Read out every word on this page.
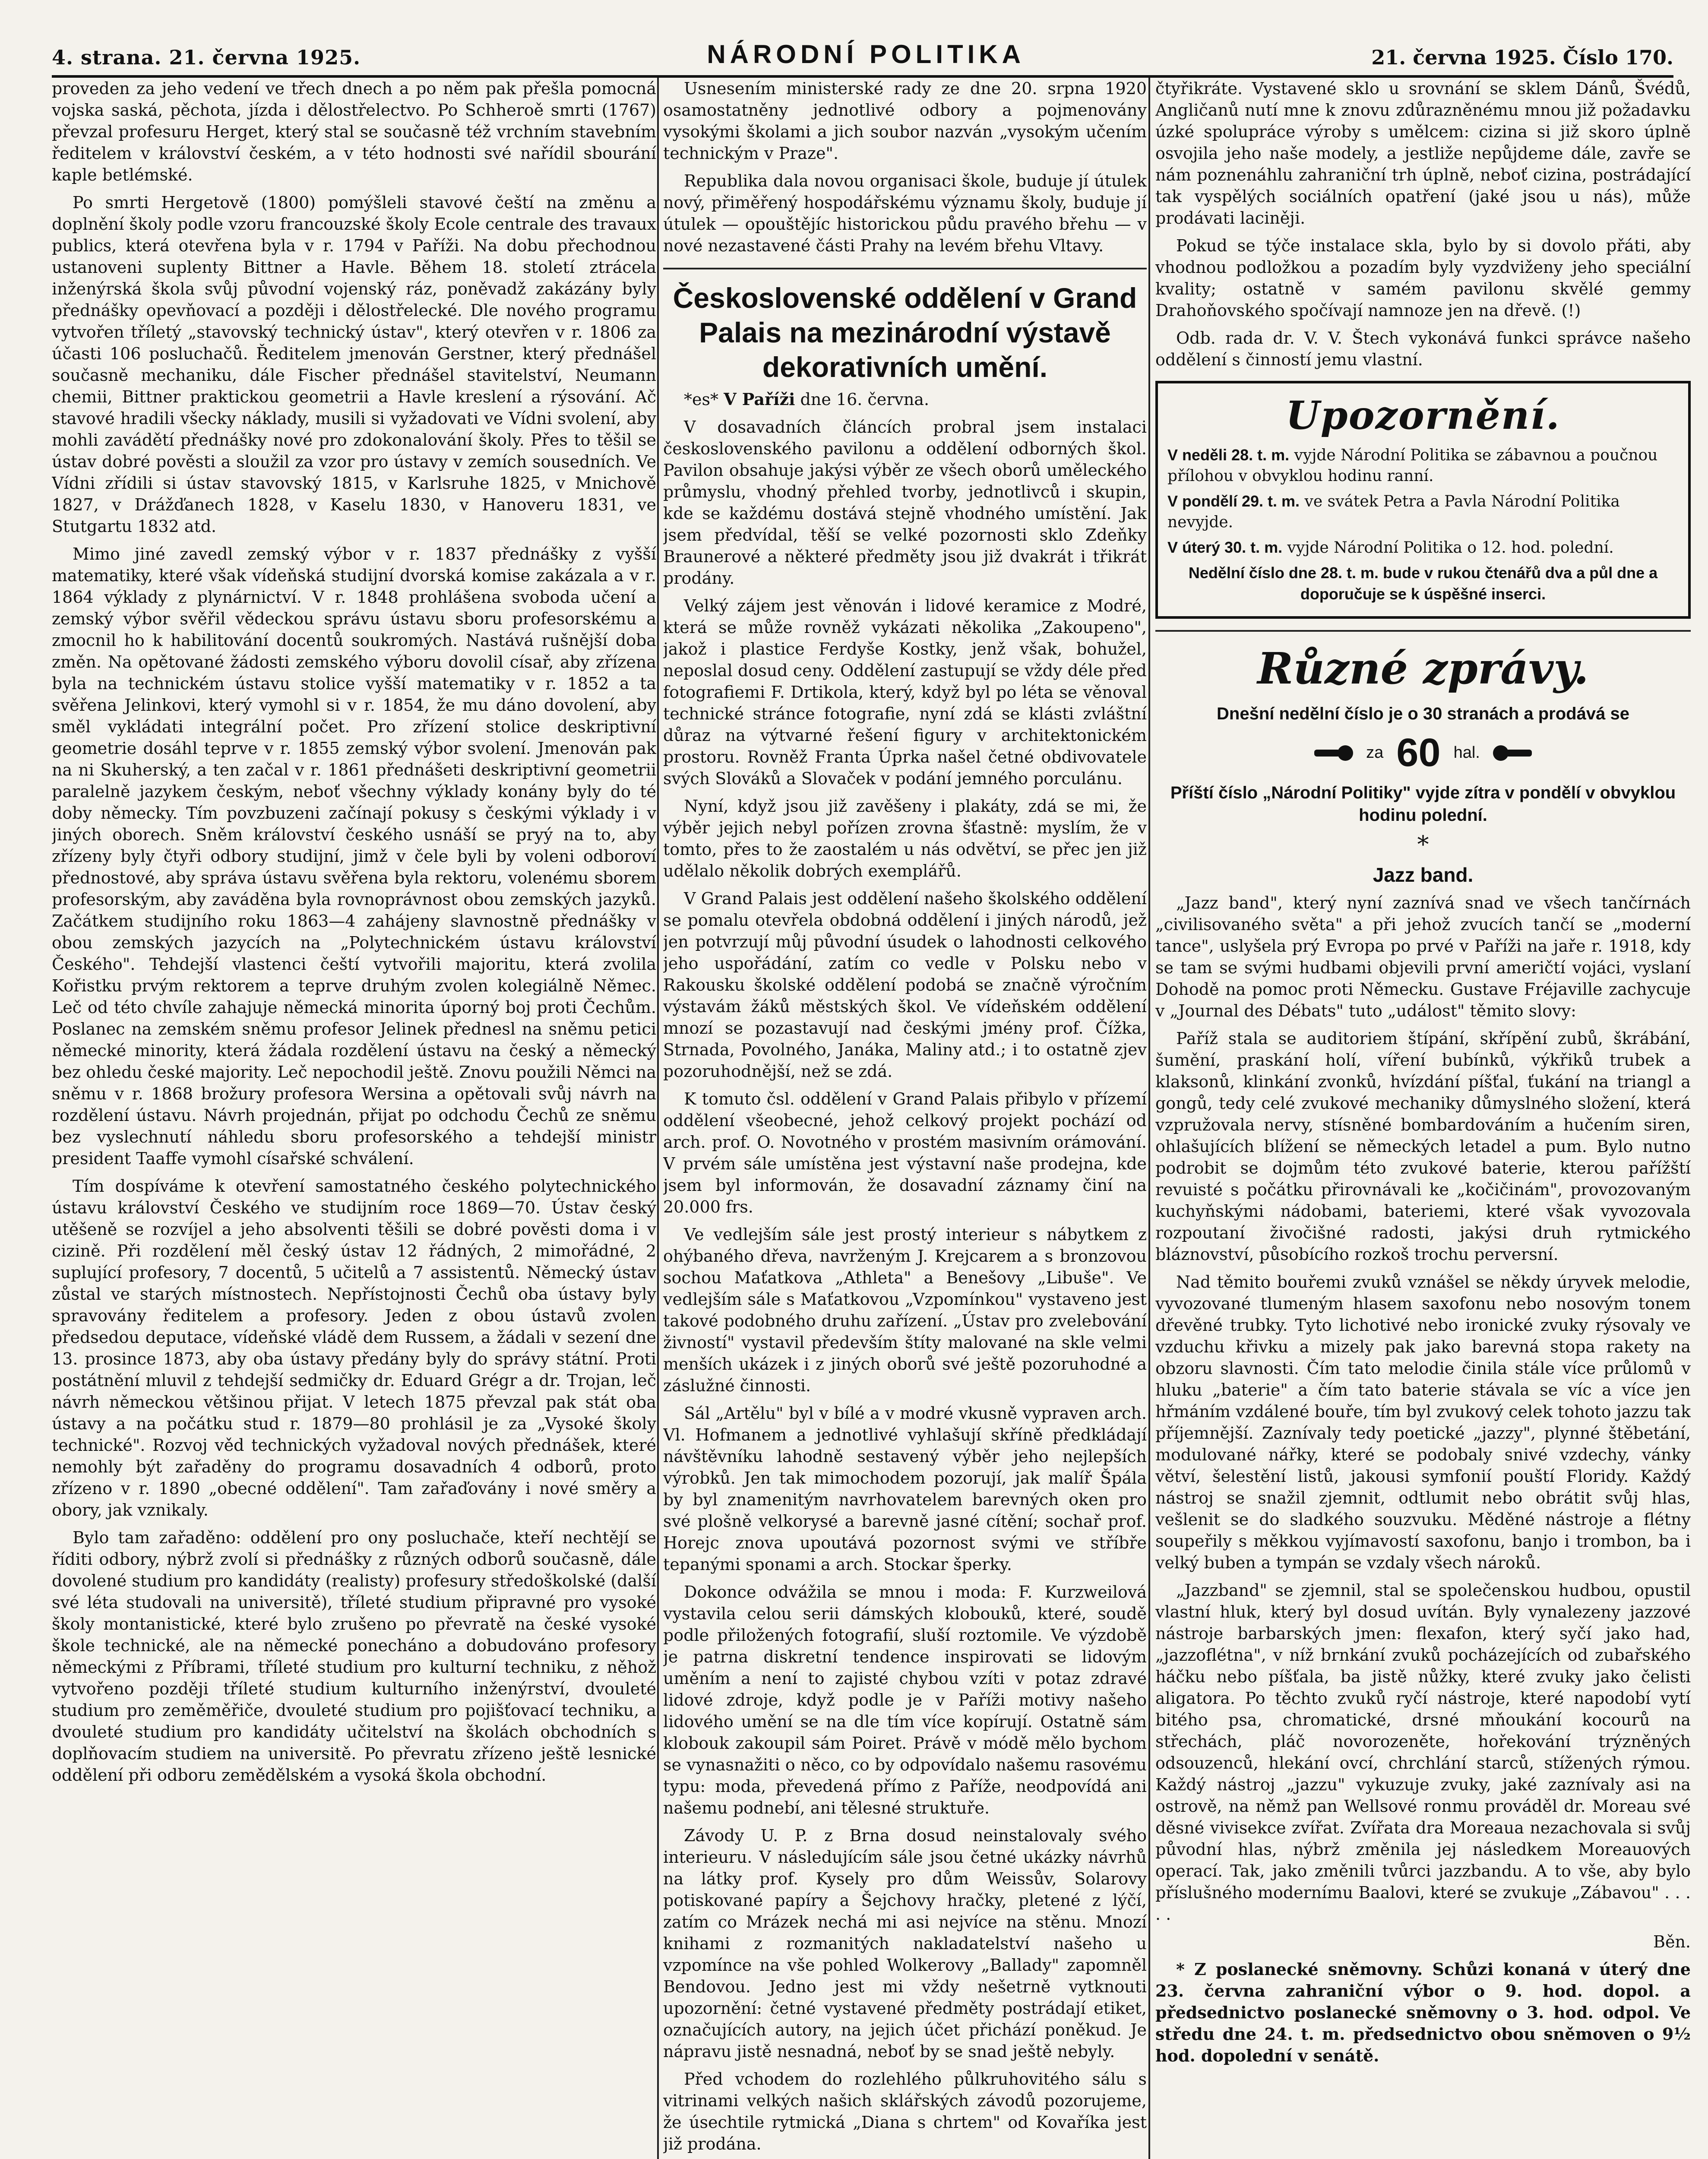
4. strana. 21. června 1925.	NÁRODNÍ POLITIKA	21. června 1925. Číslo 170.

proveden za jeho vedení ve třech dnech a po něm pak přešla pomocná vojska saská, pěchota, jízda i dělostřelectvo. Po Schheroě smrti (1767) převzal profesuru Herget, který stal se současně též vrchním stavebním ředitelem v království českém, a v této hodnosti své nařídil sbourání kaple betlémské.

Po smrti Hergetově (1800) pomýšleli stavové čeští na změnu a doplnění školy podle vzoru francouzské školy Ecole centrale des travaux publics, která otevřena byla v r. 1794 v Paříži. Na dobu přechodnou ustanoveni suplenty Bittner a Havle. Během 18. století ztrácela inženýrská škola svůj původní vojenský ráz, poněvadž zakázány byly přednášky opevňovací a později i dělostřelecké. Dle nového programu vytvořen tříletý „stavovský technický ústav", který otevřen v r. 1806 za účasti 106 posluchačů. Ředitelem jmenován Gerstner, který přednášel současně mechaniku, dále Fischer přednášel stavitelství, Neumann chemii, Bittner praktickou geometrii a Havle kreslení a rýsování. Ač stavové hradili všecky náklady, musili si vyžadovati ve Vídni svolení, aby mohli zavádětí přednášky nové pro zdokonalování školy. Přes to těšil se ústav dobré pověsti a sloužil za vzor pro ústavy v zemích sousedních. Ve Vídni zřídili si ústav stavovský 1815, v Karlsruhe 1825, v Mnichově 1827, v Drážďanech 1828, v Kaselu 1830, v Hanoveru 1831, ve Stutgartu 1832 atd.

Mimo jiné zavedl zemský výbor v r. 1837 přednášky z vyšší matematiky, které však vídeňská studijní dvorská komise zakázala a v r. 1864 výklady z plynárnictví. V r. 1848 prohlášena svoboda učení a zemský výbor svěřil vědeckou správu ústavu sboru profesorskému a zmocnil ho k habilitování docentů soukromých. Nastává rušnější doba změn. Na opětované žádosti zemského výboru dovolil císař, aby zřízena byla na technickém ústavu stolice vyšší matematiky v r. 1852 a ta svěřena Jelinkovi, který vymohl si v r. 1854, že mu dáno dovolení, aby směl vykládati integrální počet. Pro zřízení stolice deskriptivní geometrie dosáhl teprve v r. 1855 zemský výbor svolení. Jmenován pak na ni Skuherský, a ten začal v r. 1861 přednášeti deskriptivní geometrii paralelně jazykem českým, neboť všechny výklady konány byly do té doby německy. Tím povzbuzeni začínají pokusy s českými výklady i v jiných oborech. Sněm království českého usnáší se pryý na to, aby zřízeny byly čtyři odbory studijní, jimž v čele byli by voleni odboroví přednostové, aby správa ústavu svěřena byla rektoru, volenému sborem profesorským, aby zaváděna byla rovnoprávnost obou zemských jazyků. Začátkem studijního roku 1863—4 zahájeny slavnostně přednášky v obou zemských jazycích na „Polytechnickém ústavu království Českého". Tehdejší vlastenci čeští vytvořili majoritu, která zvolila Kořistku prvým rektorem a teprve druhým zvolen kolegiálně Němec. Leč od této chvíle zahajuje německá minorita úporný boj proti Čechům. Poslanec na zemském sněmu profesor Jelinek přednesl na sněmu petici německé minority, která žádala rozdělení ústavu na český a německý bez ohledu české majority. Leč nepochodil ještě. Znovu použili Němci na sněmu v r. 1868 brožury profesora Wersina a opětovali svůj návrh na rozdělení ústavu. Návrh projednán, přijat po odchodu Čechů ze sněmu bez vyslechnutí náhledu sboru profesorského a tehdejší ministr president Taaffe vymohl císařské schválení.

Tím dospíváme k otevření samostatného českého polytechnického ústavu království Českého ve studijním roce 1869—70. Ústav český utěšeně se rozvíjel a jeho absolventi těšili se dobré pověsti doma i v cizině. Při rozdělení měl český ústav 12 řádných, 2 mimořádné, 2 suplující profesory, 7 docentů, 5 učitelů a 7 assistentů. Německý ústav zůstal ve starých místnostech. Nepřístojnosti Čechů oba ústavy byly spravovány ředitelem a profesory. Jeden z obou ústavů zvolen předsedou deputace, vídeňské vládě dem Russem, a žádali v sezení dne 13. prosince 1873, aby oba ústavy předány byly do správy státní. Proti postátnění mluvil z tehdejší sedmičky dr. Eduard Grégr a dr. Trojan, leč návrh německou většinou přijat. V letech 1875 převzal pak stát oba ústavy a na počátku stud r. 1879—80 prohlásil je za „Vysoké školy technické". Rozvoj věd technických vyžadoval nových přednášek, které nemohly být zařaděny do programu dosavadních 4 odborů, proto zřízeno v r. 1890 „obecné oddělení". Tam zařaďovány i nové směry a obory, jak vznikaly.

Bylo tam zařaděno: oddělení pro ony posluchače, kteří nechtějí se říditi odbory, nýbrž zvolí si přednášky z různých odborů současně, dále dovolené studium pro kandidáty (realisty) profesury středoškolské (další své léta studovali na universitě), tříleté studium připravné pro vysoké školy montanistické, které bylo zrušeno po převratě na české vysoké škole technické, ale na německé ponecháno a dobudováno profesory německými z Příbrami, tříleté studium pro kulturní techniku, z něhož vytvořeno později tříleté studium kulturního inženýrství, dvouleté studium pro zeměměřiče, dvouleté studium pro pojišťovací techniku, a dvouleté studium pro kandidáty učitelství na školách obchodních s doplňovacím studiem na universitě. Po převratu zřízeno ještě lesnické oddělení při odboru zemědělském a vysoká škola obchodní.

Usnesením ministerské rady ze dne 20. srpna 1920 osamostatněny jednotlivé odbory a pojmenovány vysokými školami a jich soubor nazván „vysokým učením technickým v Praze".

Republika dala novou organisaci škole, buduje jí útulek nový, přiměřený hospodářskému významu školy, buduje jí útulek — opouštějíc historickou půdu pravého břehu — v nové nezastavené části Prahy na levém břehu Vltavy.

Československé oddělení v Grand Palais na mezinárodní výstavě dekorativních umění.

*es* V Paříži dne 16. června.

V dosavadních článcích probral jsem instalaci československého pavilonu a oddělení odborných škol. Pavilon obsahuje jakýsi výběr ze všech oborů uměleckého průmyslu, vhodný přehled tvorby, jednotlivců i skupin, kde se každému dostává stejně vhodného umístění. Jak jsem předvídal, těší se velké pozornosti sklo Zdeňky Braunerové a některé předměty jsou již dvakrát i třikrát prodány.

Velký zájem jest věnován i lidové keramice z Modré, která se může rovněž vykázati několika „Zakoupeno", jakož i plastice Ferdyše Kostky, jenž však, bohužel, neposlal dosud ceny. Oddělení zastupují se vždy déle před fotografiemi F. Drtikola, který, když byl po léta se věnoval technické stránce fotografie, nyní zdá se klásti zvláštní důraz na výtvarné řešení figury v architektonickém prostoru. Rovněž Franta Úprka našel četné obdivovatele svých Slováků a Slovaček v podání jemného porculánu.

Nyní, když jsou již zavěšeny i plakáty, zdá se mi, že výběr jejich nebyl pořízen zrovna šťastně: myslím, že v tomto, přes to že zaostalém u nás odvětví, se přec jen již udělalo několik dobrých exemplářů.

V Grand Palais jest oddělení našeho školského oddělení se pomalu otevřela obdobná oddělení i jiných národů, jež jen potvrzují můj původní úsudek o lahodnosti celkového jeho uspořádání, zatím co vedle v Polsku nebo v Rakousku školské oddělení podobá se značně výročním výstavám žáků městských škol. Ve vídeňském oddělení mnozí se pozastavují nad českými jmény prof. Čížka, Strnada, Povolného, Janáka, Maliny atd.; i to ostatně zjev pozoruhodnější, než se zdá.

K tomuto čsl. oddělení v Grand Palais přibylo v přízemí oddělení všeobecné, jehož celkový projekt pochází od arch. prof. O. Novotného v prostém masivním orámování. V prvém sále umístěna jest výstavní naše prodejna, kde jsem byl informován, že dosavadní záznamy činí na 20.000 frs.

Ve vedlejším sále jest prostý interieur s nábytkem z ohýbaného dřeva, navrženým J. Krejcarem a s bronzovou sochou Maťatkova „Athleta" a Benešovy „Libuše". Ve vedlejším sále s Maťatkovou „Vzpomínkou" vystaveno jest takové podobného druhu zařízení. „Ústav pro zvelebování živností" vystavil především štíty malované na skle velmi menších ukázek i z jiných oborů své ještě pozoruhodné a záslužné činnosti.

Sál „Artělu" byl v bílé a v modré vkusně vypraven arch. Vl. Hofmanem a jednotlivé vyhlašují skříně předkládají návštěvníku lahodně sestavený výběr jeho nejlepších výrobků. Jen tak mimochodem pozorují, jak malíř Špála by byl znamenitým navrhovatelem barevných oken pro své plošně velkorysé a barevně jasné cítění; sochař prof. Horejc znova upoutává pozornost svými ve stříbře tepanými sponami a arch. Stockar šperky.

Dokonce odvážila se mnou i moda: F. Kurzweilová vystavila celou serii dámských klobouků, které, soudě podle přiložených fotografií, sluší roztomile. Ve výzdobě je patrna diskretní tendence inspirovati se lidovým uměním a není to zajisté chybou vzíti v potaz zdravé lidové zdroje, když podle je v Paříži motivy našeho lidového umění se na dle tím více kopírují. Ostatně sám klobouk zakoupil sám Poiret. Právě v módě mělo bychom se vynasnažiti o něco, co by odpovídalo našemu rasovému typu: moda, převedená přímo z Paříže, neodpovídá ani našemu podnebí, ani tělesné struktuře.

Závody U. P. z Brna dosud neinstalovaly svého interieuru. V následujícím sále jsou četné ukázky návrhů na látky prof. Kysely pro dům Weissův, Solarovy potiskované papíry a Šejchovy hračky, pletené z lýčí, zatím co Mrázek nechá mi asi nejvíce na stěnu. Mnozí knihami z rozmanitých nakladatelství našeho u vzpomínce na vše pohled Wolkerovy „Ballady" zapomněl Bendovou. Jedno jest mi vždy nešetrně vytknouti upozornění: četné vystavené předměty postrádají etiket, označujících autory, na jejich účet přichází poněkud. Je nápravu jistě nesnadná, neboť by se snad ještě nebyly.

Před vchodem do rozlehlého půlkruhovitého sálu s vitrinami velkých našich sklářských závodů pozorujeme, že úsechtile rytmická „Diana s chrtem" od Kovaříka jest již prodána.

čtyřikráte. Vystavené sklo u srovnání se sklem Dánů, Švédů, Angličanů nutí mne k znovu zdůrazněnému mnou již požadavku úzké spolupráce výroby s umělcem: cizina si již skoro úplně osvojila jeho naše modely, a jestliže nepůjdeme dále, zavře se nám poznenáhlu zahraniční trh úplně, neboť cizina, postrádající tak vyspělých sociálních opatření (jaké jsou u nás), může prodávati laciněji.

Pokud se týče instalace skla, bylo by si dovolo přáti, aby vhodnou podložkou a pozadím byly vyzdviženy jeho speciální kvality; ostatně v samém pavilonu skvělé gemmy Drahoňovského spočívají namnoze jen na dřevě. (!)

Odb. rada dr. V. V. Štech vykonává funkci správce našeho oddělení s činností jemu vlastní.

Upozornění.

V neděli 28. t. m. vyjde Národní Politika se zábavnou a poučnou přílohou v obvyklou hodinu ranní.

V pondělí 29. t. m. ve svátek Petra a Pavla Národní Politika nevyjde.

V úterý 30. t. m. vyjde Národní Politika o 12. hod. polední.

Nedělní číslo dne 28. t. m. bude v rukou čtenářů dva a půl dne a doporučuje se k úspěšné inserci.

Různé zprávy.
Dnešní nedělní číslo je o 30 stranách a prodává se
za 60 hal.
Příští číslo „Národní Politiky" vyjde zítra v pondělí v obvyklou hodinu polední.
*
Jazz band.

„Jazz band", který nyní zaznívá snad ve všech tančírnách „civilisovaného světa" a při jehož zvucích tančí se „moderní tance", uslyšela prý Evropa po prvé v Paříži na jaře r. 1918, kdy se tam se svými hudbami objevili první američtí vojáci, vyslaní Dohodě na pomoc proti Německu. Gustave Fréjaville zachycuje v „Journal des Débats" tuto „událost" těmito slovy:

Paříž stala se auditoriem štípání, skřípění zubů, škrábání, šumění, praskání holí, víření bubínků, výkřiků trubek a klaksonů, klinkání zvonků, hvízdání píšťal, ťukání na triangl a gongů, tedy celé zvukové mechaniky důmyslného složení, která vzpružovala nervy, stísněné bombardováním a hučením siren, ohlašujících blížení se německých letadel a pum. Bylo nutno podrobit se dojmům této zvukové baterie, kterou pařížští revuisté s počátku přirovnávali ke „kočičinám", provozovaným kuchyňskými nádobami, bateriemi, které však vyvozovala rozpoutaní živočišné radosti, jakýsi druh rytmického bláznovství, působícího rozkoš trochu perversní.

Nad těmito bouřemi zvuků vznášel se někdy úryvek melodie, vyvozované tlumeným hlasem saxofonu nebo nosovým tonem dřevěné trubky. Tyto lichotivé nebo ironické zvuky rýsovaly ve vzduchu křivku a mizely pak jako barevná stopa rakety na obzoru slavnosti. Čím tato melodie činila stále více průlomů v hluku „baterie" a čím tato baterie stávala se víc a více jen hřmáním vzdálené bouře, tím byl zvukový celek tohoto jazzu tak příjemnější. Zaznívaly tedy poetické „jazzy", plynné štěbetání, modulované nářky, které se podobaly snivé vzdechy, vánky větví, šelestění listů, jakousi symfonií pouští Floridy. Každý nástroj se snažil zjemnit, odtlumit nebo obrátit svůj hlas, vešlenit se do sladkého souzvuku. Měděné nástroje a flétny soupeřily s měkkou vyjímavostí saxofonu, banjo i trombon, ba i velký buben a tympán se vzdaly všech nároků.

„Jazzband" se zjemnil, stal se společenskou hudbou, opustil vlastní hluk, který byl dosud uvítán. Byly vynalezeny jazzové nástroje barbarských jmen: flexafon, který syčí jako had, „jazzoflétna", v níž brnkání zvuků pocházejících od zubařského háčku nebo píšťala, ba jistě nůžky, které zvuky jako čelisti aligatora. Po těchto zvuků ryčí nástroje, které napodobí vytí bitého psa, chromatické, drsné mňoukání kocourů na střechách, pláč novorozeněte, hořekování trýzněných odsouzenců, hlekání ovcí, chrchlání starců, stížených rýmou. Každý nástroj „jazzu" vykuzuje zvuky, jaké zaznívaly asi na ostrově, na němž pan Wellsové ronmu prováděl dr. Moreau své děsné vivisekce zvířat. Zvířata dra Moreaua nezachovala si svůj původní hlas, nýbrž změnila jej následkem Moreauových operací. Tak, jako změnili tvůrci jazzbandu. A to vše, aby bylo příslušného modernímu Baalovi, které se zvukuje „Zábavou" . . . . .

Běn.

* Z poslanecké sněmovny. Schůzi konaná v úterý dne 23. června zahraniční výbor o 9. hod. dopol. a předsednictvo poslanecké sněmovny o 3. hod. odpol. Ve středu dne 24. t. m. předsednictvo obou sněmoven o 9½ hod. dopolední v senátě.
